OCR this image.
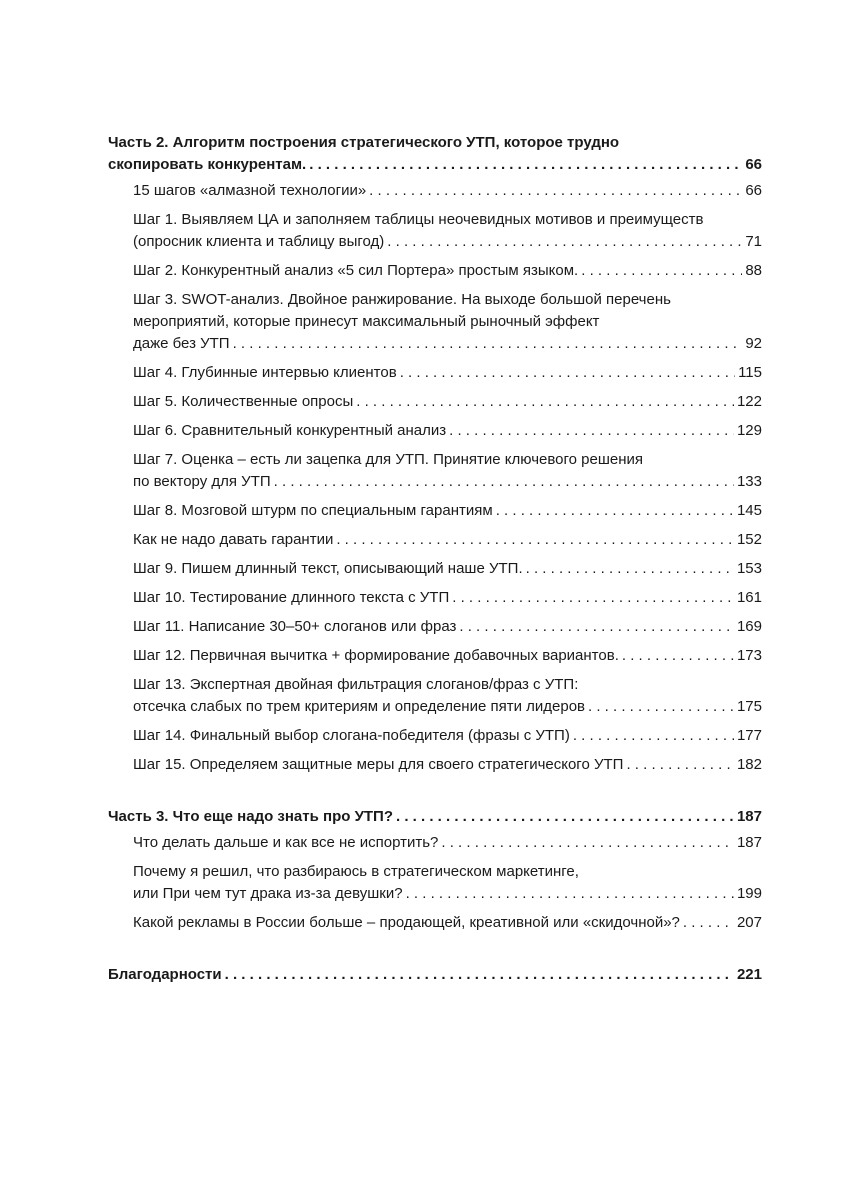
Часть 2. Алгоритм построения стратегического УТП, которое трудно
скопировать конкурентам. . . .	66
15 шагов «алмазной технологии» . . .	66
Шаг 1. Выявляем ЦА и заполняем таблицы неочевидных мотивов и преимуществ
(опросник клиента и таблицу выгод) . . .	71
Шаг 2. Конкурентный анализ «5 сил Портера» простым языком. . . .	88
Шаг 3. SWOT-анализ. Двойное ранжирование. На выходе большой перечень
мероприятий, которые принесут максимальный рыночный эффект
даже без УТП . . .	92
Шаг 4. Глубинные интервью клиентов . . .	115
Шаг 5. Количественные опросы . . .	122
Шаг 6. Сравнительный конкурентный анализ . . .	129
Шаг 7. Оценка – есть ли зацепка для УТП. Принятие ключевого решения
по вектору для УТП . . .	133
Шаг 8. Мозговой штурм по специальным гарантиям . . .	145
Как не надо давать гарантии . . .	152
Шаг 9. Пишем длинный текст, описывающий наше УТП. . . .	153
Шаг 10. Тестирование длинного текста с УТП . . .	161
Шаг 11. Написание 30–50+ слоганов или фраз . . .	169
Шаг 12. Первичная вычитка + формирование добавочных вариантов. . . .	173
Шаг 13. Экспертная двойная фильтрация слоганов/фраз с УТП:
отсечка слабых по трем критериям и определение пяти лидеров . . .	175
Шаг 14. Финальный выбор слогана-победителя (фразы с УТП) . . .	177
Шаг 15. Определяем защитные меры для своего стратегического УТП . . .	182
Часть 3. Что еще надо знать про УТП? . . .	187
Что делать дальше и как все не испортить? . . .	187
Почему я решил, что разбираюсь в стратегическом маркетинге,
или При чем тут драка из-за девушки? . . .	199
Какой рекламы в России больше – продающей, креативной или «скидочной»? . . .	207
Благодарности . . .	221
